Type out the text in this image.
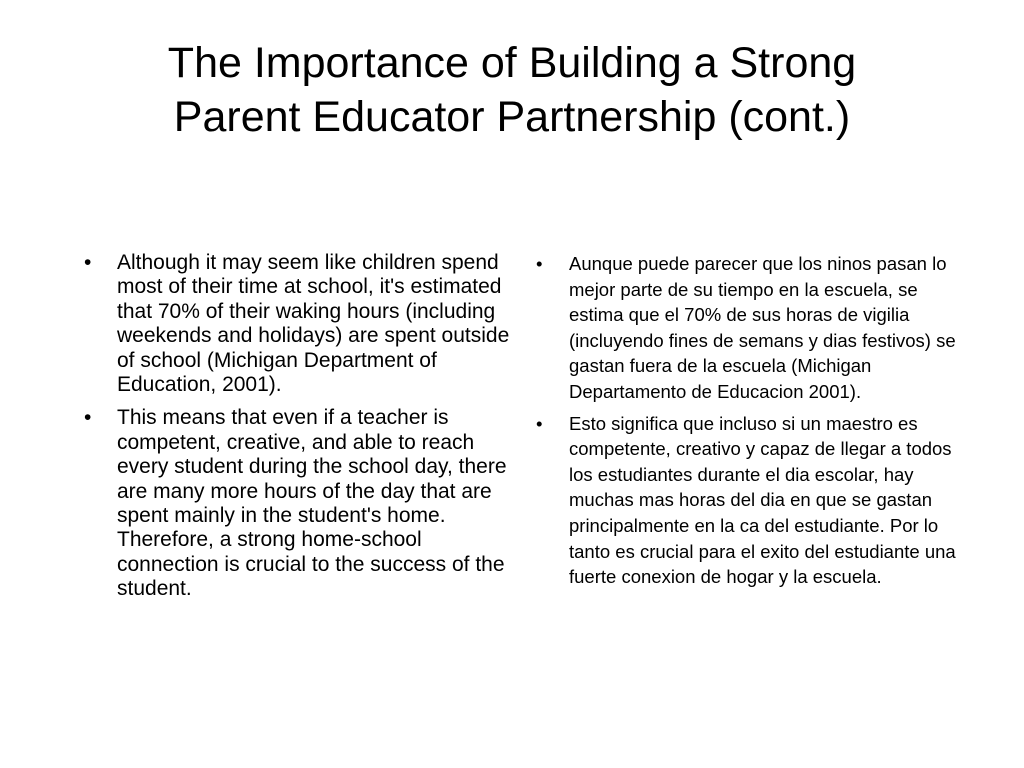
The Importance of Building a Strong
Parent Educator Partnership (cont.)
• Although it may seem like children spend most of their time at school, it's estimated that 70% of their waking hours (including weekends and holidays) are spent outside of school (Michigan Department of Education, 2001).
• This means that even if a teacher is competent, creative, and able to reach every student during the school day, there are many more hours of the day that are spent mainly in the student's home. Therefore, a strong home-school connection is crucial to the success of the student.
• Aunque puede parecer que los ninos pasan lo mejor parte de su tiempo en la escuela, se estima que el 70% de sus horas de vigilia (incluyendo fines de semans y dias festivos) se gastan fuera de la escuela (Michigan Departamento de Educacion 2001).
• Esto significa que incluso si un maestro es competente, creativo y capaz de llegar a todos los estudiantes durante el dia escolar, hay muchas mas horas del dia en que se gastan principalmente en la ca del estudiante. Por lo tanto es crucial para el exito del estudiante una fuerte conexion de hogar y la escuela.
